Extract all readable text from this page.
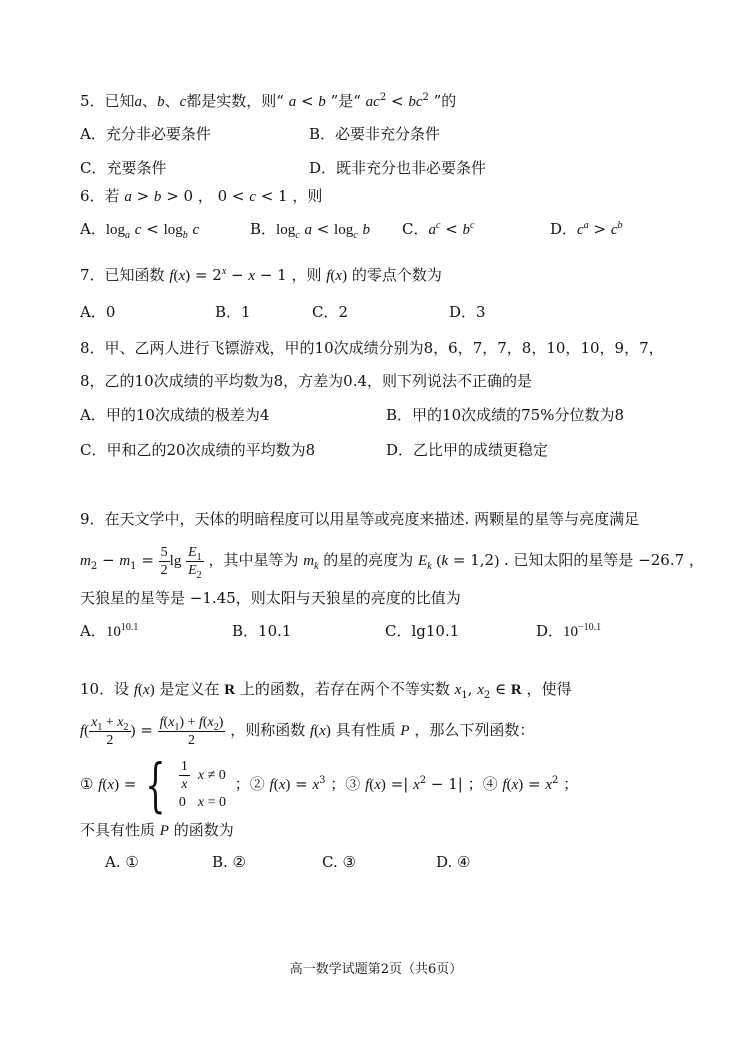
5．已知a、b、c都是实数，则“ a < b ”是“ $ac^2 < bc^2$ ”的
A．充分非必要条件	B．必要非充分条件
C．充要条件	D．既非充分也非必要条件
6．若 a > b > 0 ， 0 < c < 1 ，则
A．$\log_a c < \log_b c$	B．$\log_c a < \log_c b$ C．$a^c < b^c$	D．$c^a > c^b$
7．已知函数 $f(x) = 2^x - x - 1$ ，则 f(x) 的零点个数为
A．0	B．1	C．2	D．3
8．甲、乙两人进行飞镖游戏，甲的10次成绩分别为8，6，7，7，8，10，10，9，7，
8，乙的10次成绩的平均数为8，方差为0.4，则下列说法不正确的是
A．甲的10次成绩的极差为4	B．甲的10次成绩的75%分位数为8
C．甲和乙的20次成绩的平均数为8	D．乙比甲的成绩更稳定
9．在天文学中，天体的明暗程度可以用星等或亮度来描述. 两颗星的星等与亮度满足
$m_2 - m_1 = \frac{5}{2}$ $\lg \frac{E_1}{E_2}$ ，其中星等为 $m_k$ 的星的亮度为 $E_k$ (k = 1,2) . 已知太阳的星等是 −26.7 ，
天狼星的星等是 −1.45，则太阳与天狼星的亮度的比值为
A．$10^{10.1}$	B．10.1	C．lg10.1	D．$10^{-10.1}$
10．设 f(x) 是定义在 R 上的函数，若存在两个不等实数 $x_1$, $x_2$ ∈ R ，使得
$f( \frac{x_1 + x_2}{2}$ ) = $\frac{f(x_1) + f(x_2)}{2}$ ，则称函数 f(x) 具有性质 P ，那么下列函数：
① f(x) = { $\frac{1}{x}$	x ≠ 0
0	x = 0 ；② $f(x) = x^3$ ；③ f(x) =| $x^2 - 1|$ ；④ $f(x) = x^2$ ；
不具有性质 P 的函数为
A. ①	B. ②	C. ③	D. ④
高一数学试题第2页（共6页）
